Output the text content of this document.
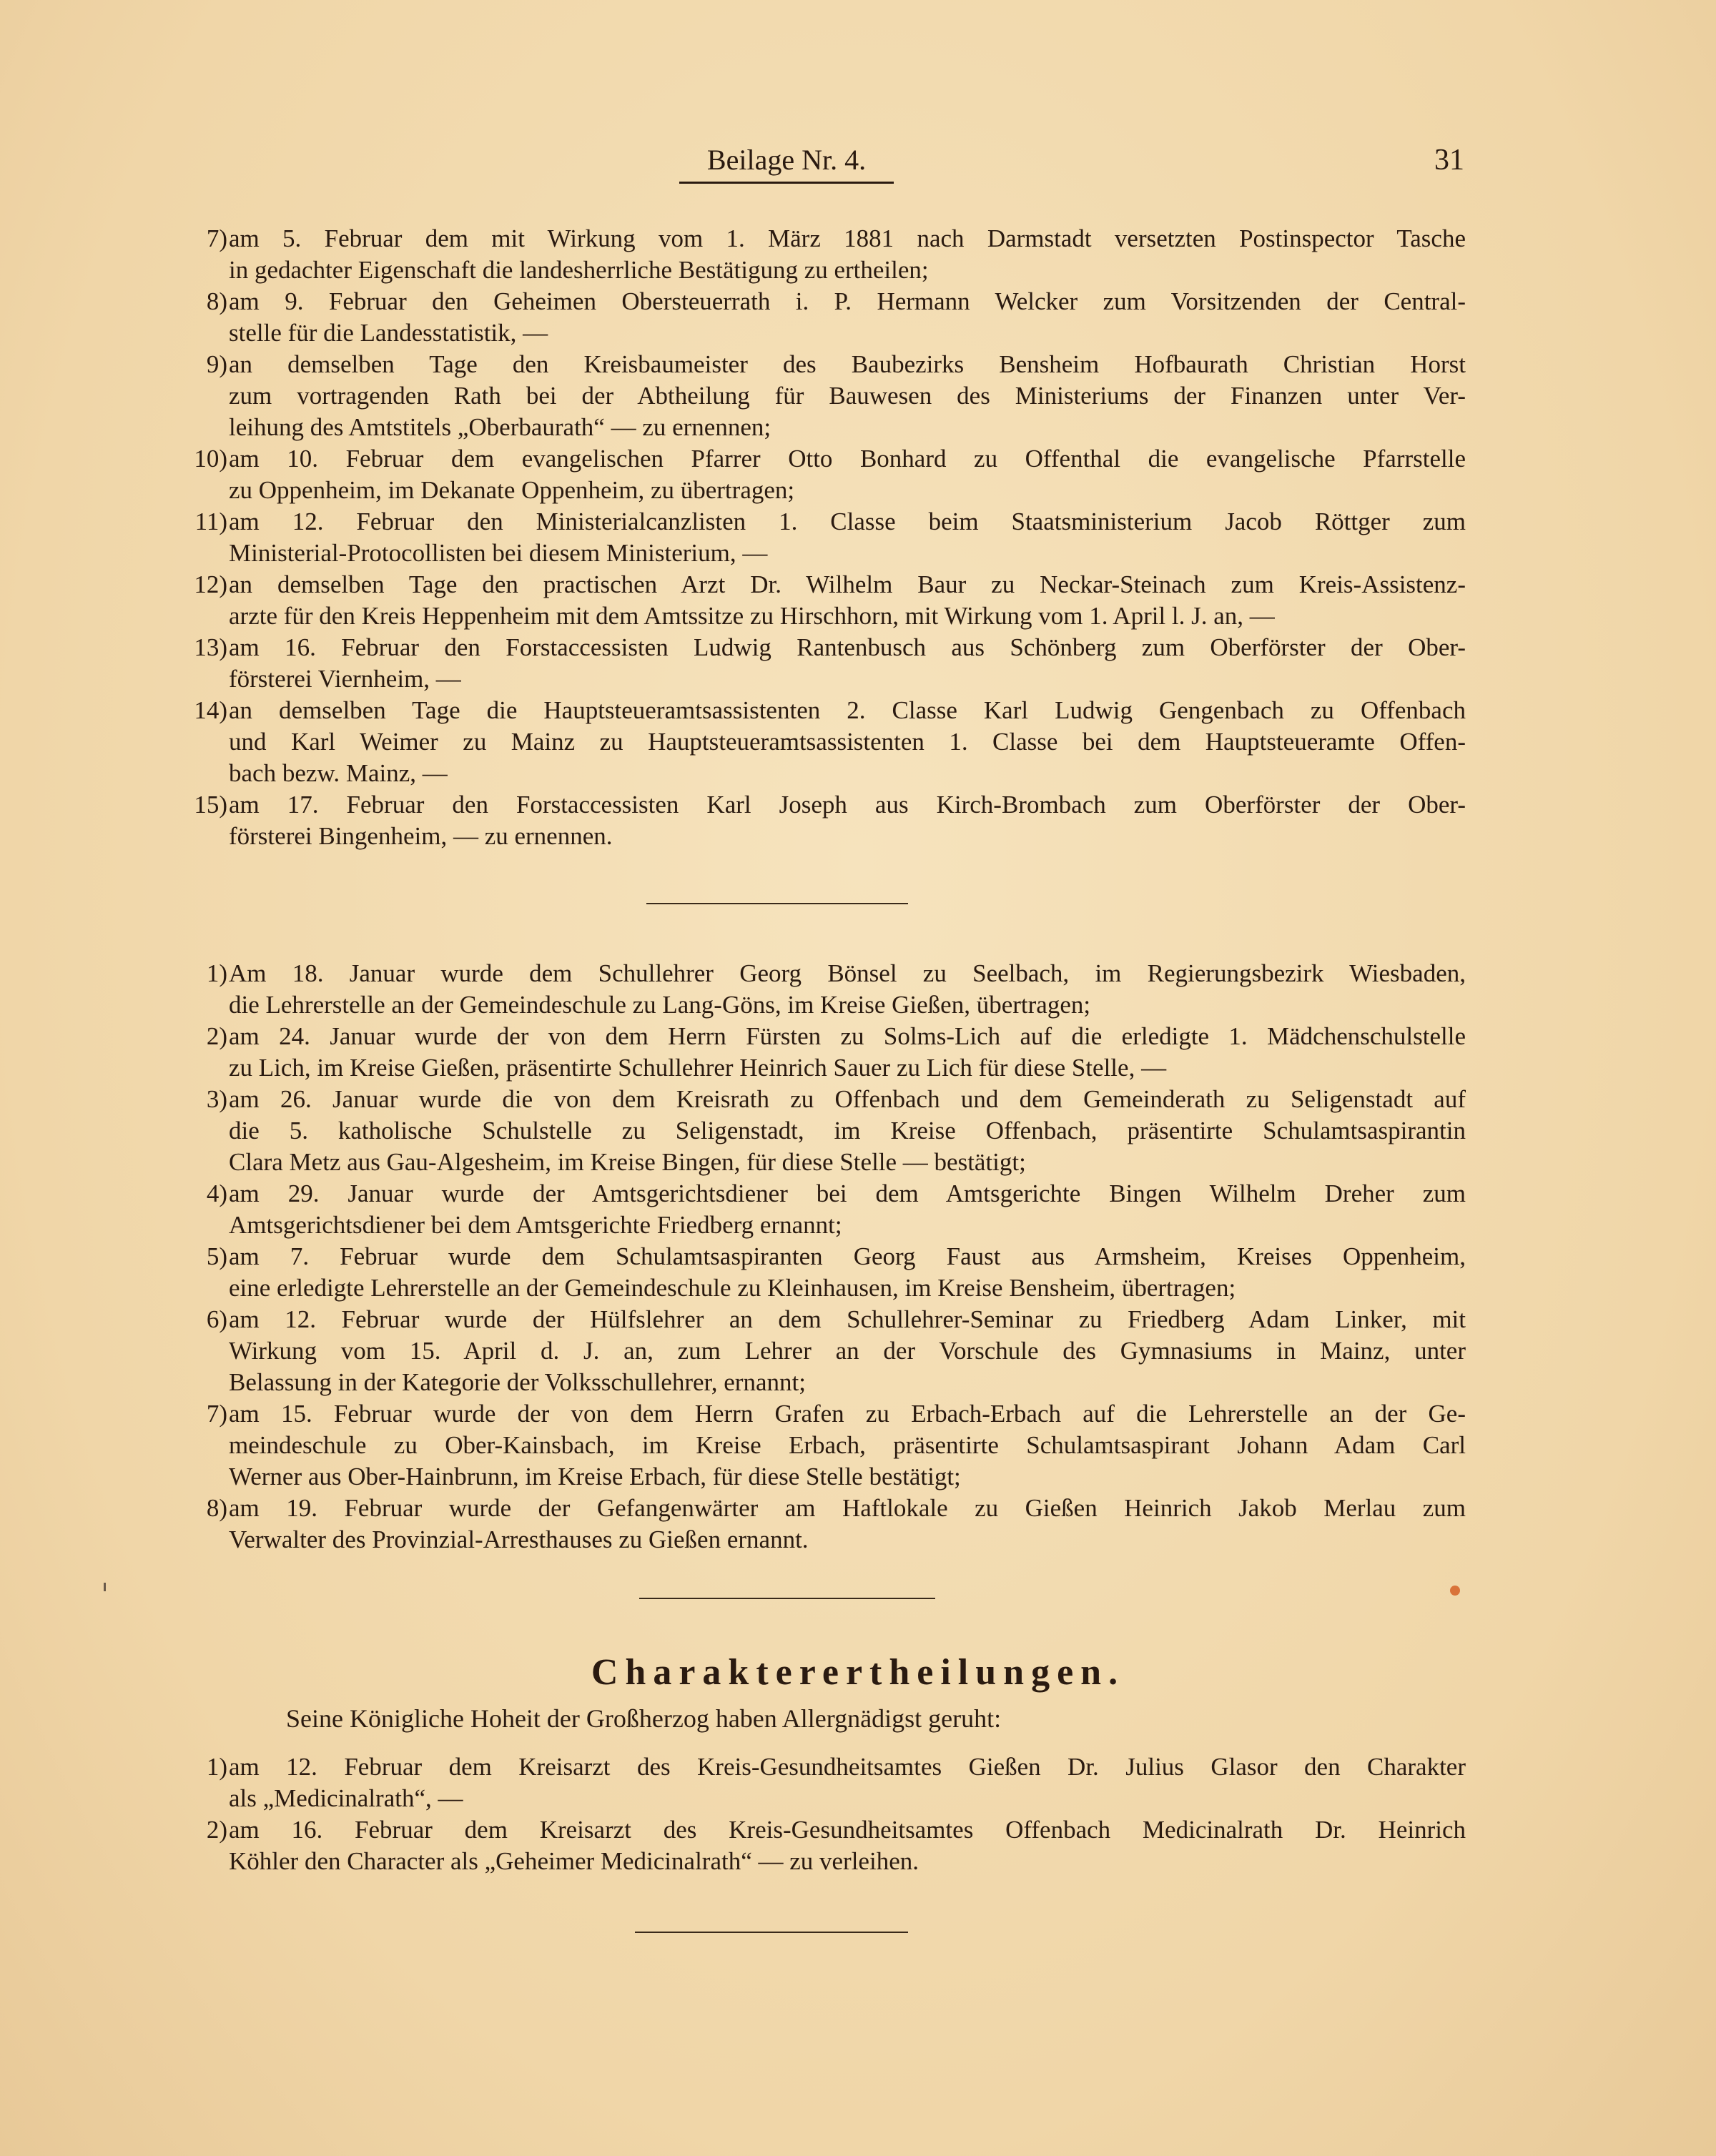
Beilage Nr. 4.	31
7) am 5. Februar dem mit Wirkung vom 1. März 1881 nach Darmstadt versetzten Postinspector Tasche
in gedachter Eigenschaft die landesherrliche Bestätigung zu ertheilen;
8) am 9. Februar den Geheimen Obersteuerrath i. P. Hermann Welcker zum Vorsitzenden der Central-
stelle für die Landesstatistik, —
9) an demselben Tage den Kreisbaumeister des Baubezirks Bensheim Hofbaurath Christian Horst
zum vortragenden Rath bei der Abtheilung für Bauwesen des Ministeriums der Finanzen unter Ver-
leihung des Amtstitels „Oberbaurath“ — zu ernennen;
10) am 10. Februar dem evangelischen Pfarrer Otto Bonhard zu Offenthal die evangelische Pfarrstelle
zu Oppenheim, im Dekanate Oppenheim, zu übertragen;
11) am 12. Februar den Ministerialcanzlisten 1. Classe beim Staatsministerium Jacob Röttger zum
Ministerial-Protocollisten bei diesem Ministerium, —
12) an demselben Tage den practischen Arzt Dr. Wilhelm Baur zu Neckar-Steinach zum Kreis-Assistenz-
arzte für den Kreis Heppenheim mit dem Amtssitze zu Hirschhorn, mit Wirkung vom 1. April l. J. an, —
13) am 16. Februar den Forstaccessisten Ludwig Rantenbusch aus Schönberg zum Oberförster der Ober-
försterei Viernheim, —
14) an demselben Tage die Hauptsteueramtsassistenten 2. Classe Karl Ludwig Gengenbach zu Offenbach
und Karl Weimer zu Mainz zu Hauptsteueramtsassistenten 1. Classe bei dem Hauptsteueramte Offen-
bach bezw. Mainz, —
15) am 17. Februar den Forstaccessisten Karl Joseph aus Kirch-Brombach zum Oberförster der Ober-
försterei Bingenheim, — zu ernennen.
1) Am 18. Januar wurde dem Schullehrer Georg Bönsel zu Seelbach, im Regierungsbezirk Wiesbaden,
die Lehrerstelle an der Gemeindeschule zu Lang-Göns, im Kreise Gießen, übertragen;
2) am 24. Januar wurde der von dem Herrn Fürsten zu Solms-Lich auf die erledigte 1. Mädchenschulstelle
zu Lich, im Kreise Gießen, präsentirte Schullehrer Heinrich Sauer zu Lich für diese Stelle, —
3) am 26. Januar wurde die von dem Kreisrath zu Offenbach und dem Gemeinderath zu Seligenstadt auf
die 5. katholische Schulstelle zu Seligenstadt, im Kreise Offenbach, präsentirte Schulamtsaspirantin
Clara Metz aus Gau-Algesheim, im Kreise Bingen, für diese Stelle — bestätigt;
4) am 29. Januar wurde der Amtsgerichtsdiener bei dem Amtsgerichte Bingen Wilhelm Dreher zum
Amtsgerichtsdiener bei dem Amtsgerichte Friedberg ernannt;
5) am 7. Februar wurde dem Schulamtsaspiranten Georg Faust aus Armsheim, Kreises Oppenheim,
eine erledigte Lehrerstelle an der Gemeindeschule zu Kleinhausen, im Kreise Bensheim, übertragen;
6) am 12. Februar wurde der Hülfslehrer an dem Schullehrer-Seminar zu Friedberg Adam Linker, mit
Wirkung vom 15. April d. J. an, zum Lehrer an der Vorschule des Gymnasiums in Mainz, unter
Belassung in der Kategorie der Volksschullehrer, ernannt;
7) am 15. Februar wurde der von dem Herrn Grafen zu Erbach-Erbach auf die Lehrerstelle an der Ge-
meindeschule zu Ober-Kainsbach, im Kreise Erbach, präsentirte Schulamtsaspirant Johann Adam Carl
Werner aus Ober-Hainbrunn, im Kreise Erbach, für diese Stelle bestätigt;
8) am 19. Februar wurde der Gefangenwärter am Haftlokale zu Gießen Heinrich Jakob Merlau zum
Verwalter des Provinzial-Arresthauses zu Gießen ernannt.
Charakterertheilungen.
Seine Königliche Hoheit der Großherzog haben Allergnädigst geruht:
1) am 12. Februar dem Kreisarzt des Kreis-Gesundheitsamtes Gießen Dr. Julius Glasor den Charakter
als „Medicinalrath“, —
2) am 16. Februar dem Kreisarzt des Kreis-Gesundheitsamtes Offenbach Medicinalrath Dr. Heinrich
Köhler den Character als „Geheimer Medicinalrath“ — zu verleihen.
